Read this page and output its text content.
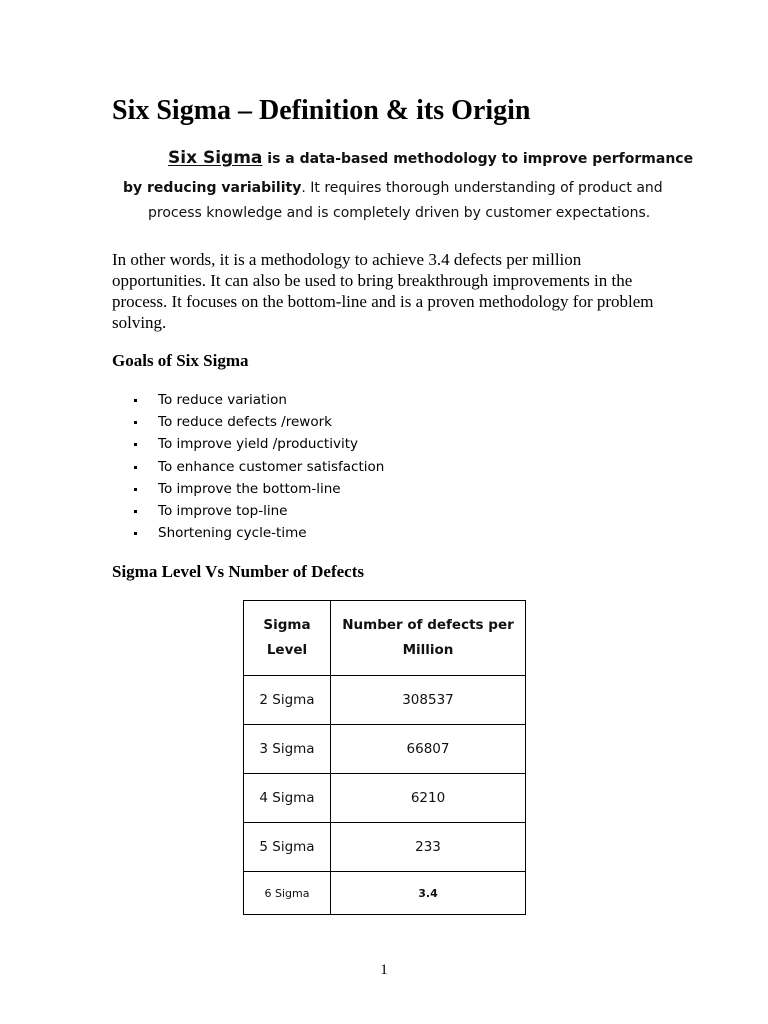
Six Sigma – Definition & its Origin
Six Sigma is a data-based methodology to improve performance
by reducing variability. It requires thorough understanding of product and
process knowledge and is completely driven by customer expectations.

In other words, it is a methodology to achieve 3.4 defects per million opportunities. It can also be used to bring breakthrough improvements in the process. It focuses on the bottom-line and is a proven methodology for problem solving.

Goals of Six Sigma
To reduce variation
To reduce defects /rework
To improve yield /productivity
To enhance customer satisfaction
To improve the bottom-line
To improve top-line
Shortening cycle-time
Sigma Level Vs Number of Defects
Sigma Level	Number of defects per Million
2 Sigma	308537
3 Sigma	66807
4 Sigma	6210
5 Sigma	233
6 Sigma	3.4
1
